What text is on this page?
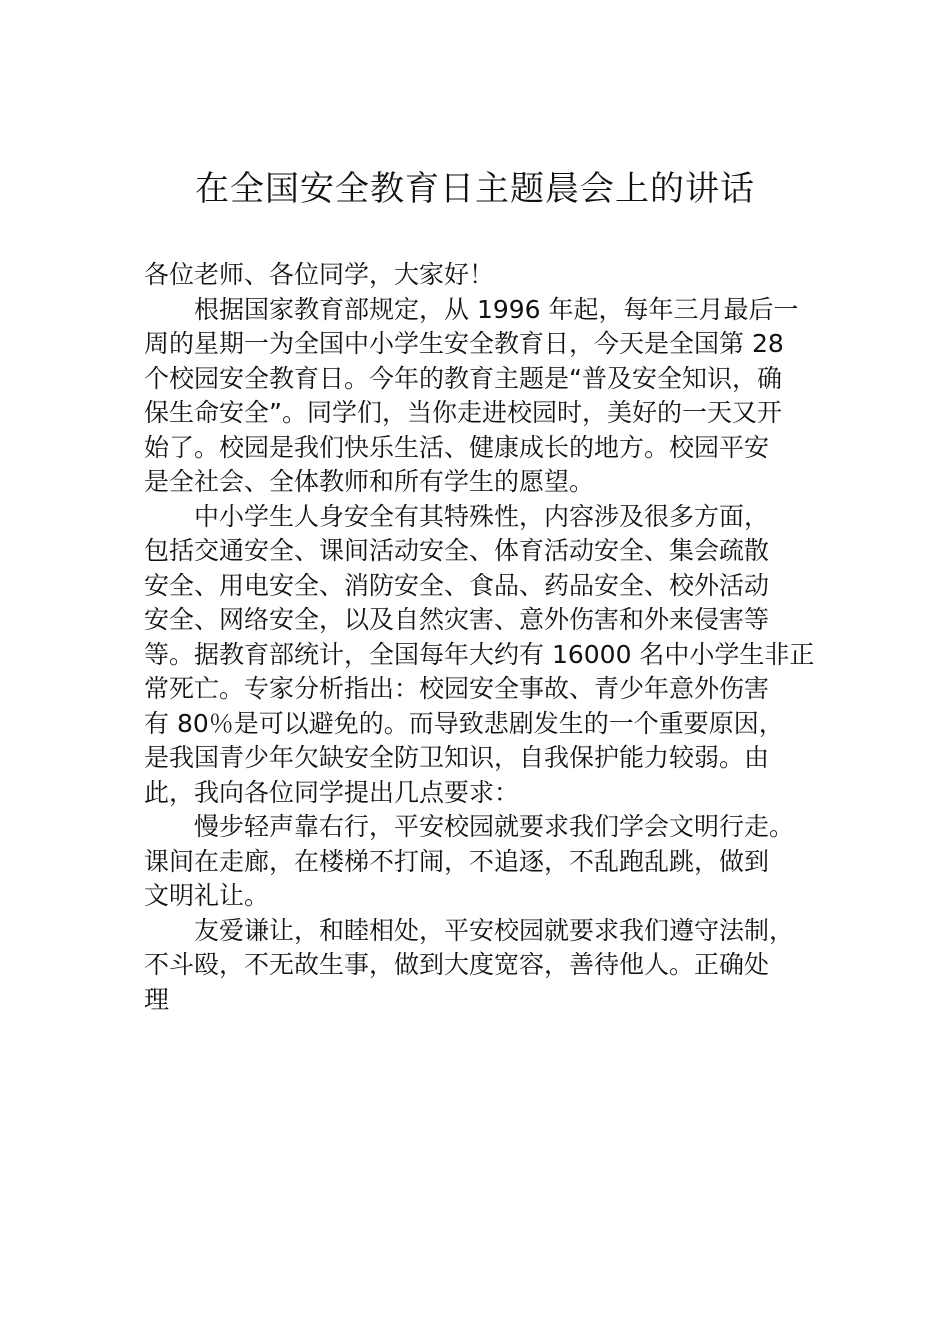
在全国安全教育日主题晨会上的讲话
各位老师、各位同学，大家好！
根据国家教育部规定，从 1996 年起，每年三月最后一
周的星期一为全国中小学生安全教育日，今天是全国第 28
个校园安全教育日。今年的教育主题是“普及安全知识，确
保生命安全”。同学们，当你走进校园时，美好的一天又开
始了。校园是我们快乐生活、健康成长的地方。校园平安
是全社会、全体教师和所有学生的愿望。
中小学生人身安全有其特殊性，内容涉及很多方面，
包括交通安全、课间活动安全、体育活动安全、集会疏散
安全、用电安全、消防安全、食品、药品安全、校外活动
安全、网络安全，以及自然灾害、意外伤害和外来侵害等
等。据教育部统计，全国每年大约有 16000 名中小学生非正
常死亡。专家分析指出：校园安全事故、青少年意外伤害
有 80％是可以避免的。而导致悲剧发生的一个重要原因，
是我国青少年欠缺安全防卫知识，自我保护能力较弱。由
此，我向各位同学提出几点要求：
慢步轻声靠右行，平安校园就要求我们学会文明行走。
课间在走廊，在楼梯不打闹，不追逐，不乱跑乱跳，做到
文明礼让。
友爱谦让，和睦相处，平安校园就要求我们遵守法制，
不斗殴，不无故生事，做到大度宽容，善待他人。正确处
理
